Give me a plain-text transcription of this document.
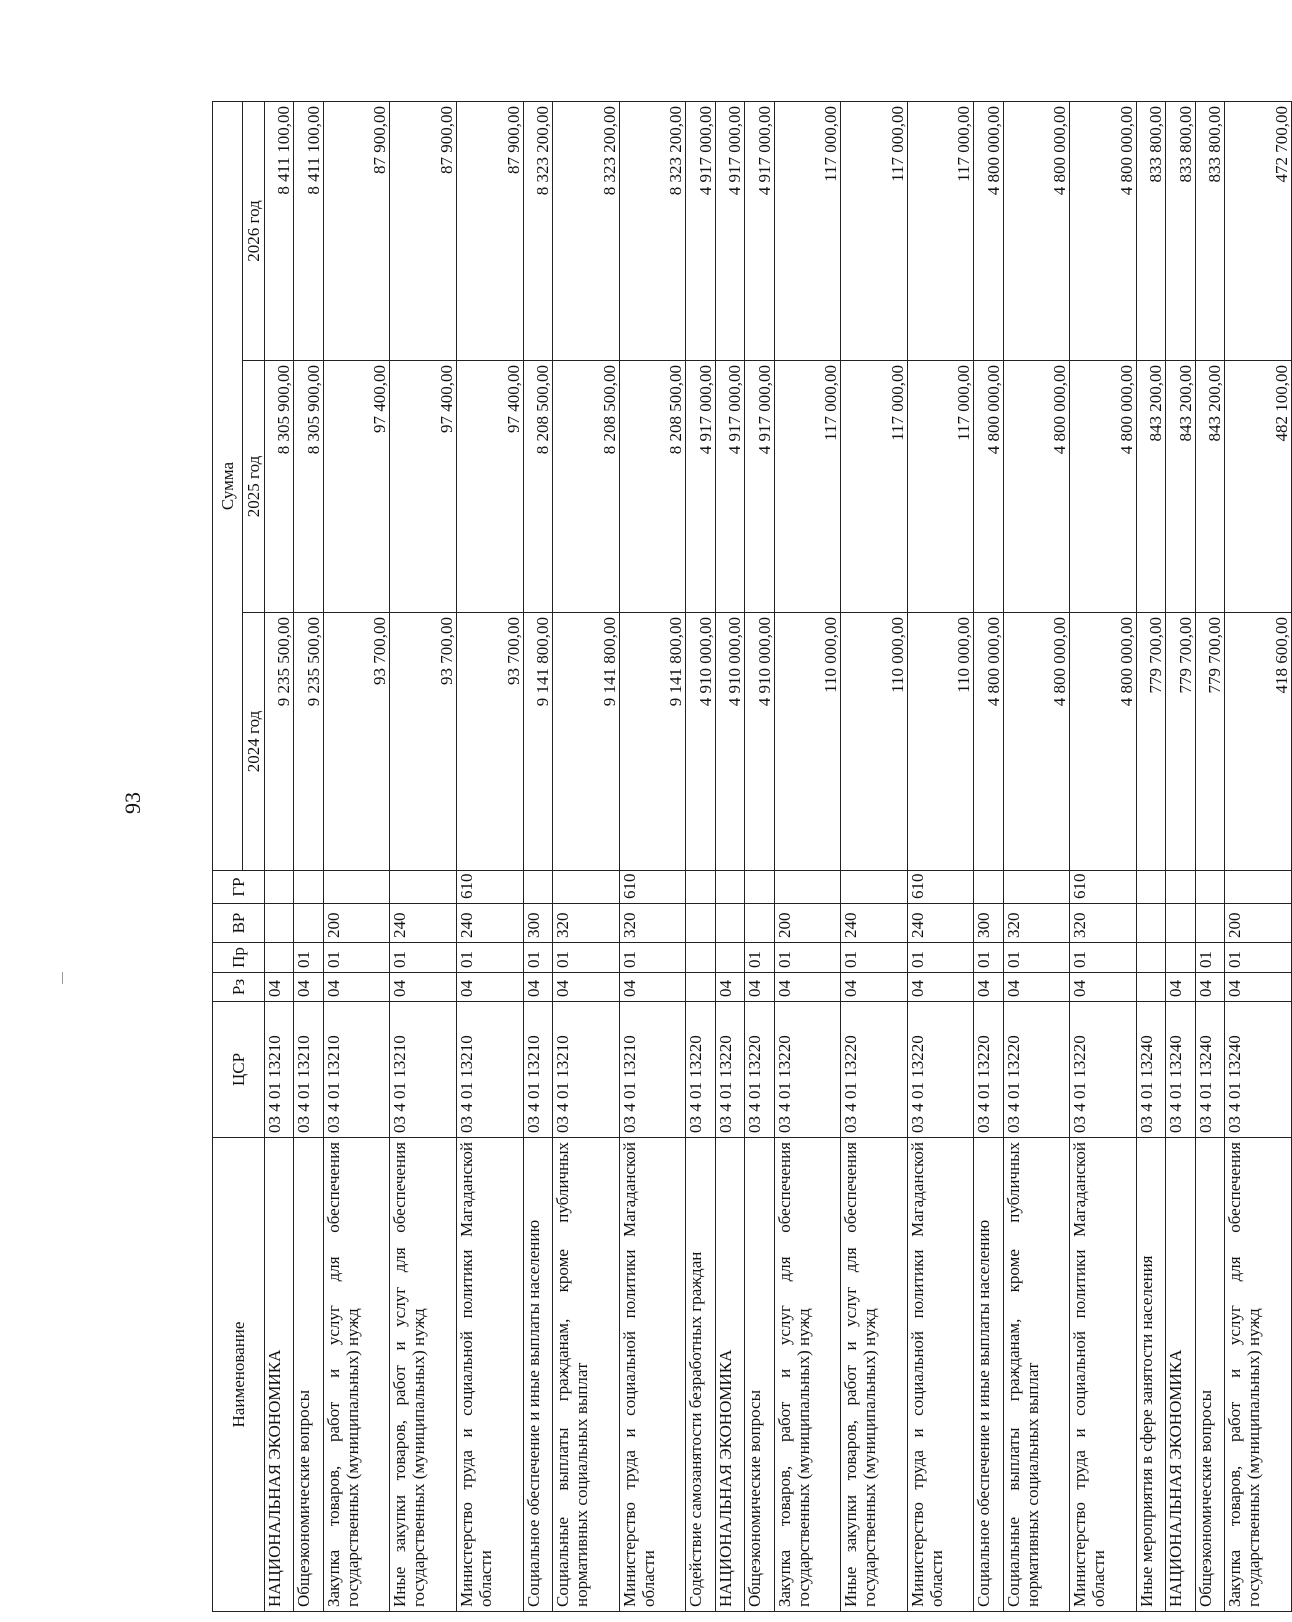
93
Наименование	ЦСР	Рз	Пр	ВР	ГР	Сумма		
						2024 год	2025 год	2026 год
НАЦИОНАЛЬНАЯ ЭКОНОМИКА	03 4 01 13210	04				9 235 500,00	8 305 900,00	8 411 100,00
Общеэкономические вопросы	03 4 01 13210	04	01			9 235 500,00	8 305 900,00	8 411 100,00
Закупка товаров, работ и услуг для обеспечения государственных (муниципальных) нужд	03 4 01 13210	04	01	200		93 700,00	97 400,00	87 900,00
Иные закупки товаров, работ и услуг для обеспечения государственных (муниципальных) нужд	03 4 01 13210	04	01	240		93 700,00	97 400,00	87 900,00
Министерство труда и социальной политики Магаданской области	03 4 01 13210	04	01	240	610	93 700,00	97 400,00	87 900,00
Социальное обеспечение и иные выплаты населению	03 4 01 13210	04	01	300		9 141 800,00	8 208 500,00	8 323 200,00
Социальные выплаты гражданам, кроме публичных нормативных социальных выплат	03 4 01 13210	04	01	320		9 141 800,00	8 208 500,00	8 323 200,00
Министерство труда и социальной политики Магаданской области	03 4 01 13210	04	01	320	610	9 141 800,00	8 208 500,00	8 323 200,00
Содействие самозанятости безработных граждан	03 4 01 13220					4 910 000,00	4 917 000,00	4 917 000,00
НАЦИОНАЛЬНАЯ ЭКОНОМИКА	03 4 01 13220	04				4 910 000,00	4 917 000,00	4 917 000,00
Общеэкономические вопросы	03 4 01 13220	04	01			4 910 000,00	4 917 000,00	4 917 000,00
Закупка товаров, работ и услуг для обеспечения государственных (муниципальных) нужд	03 4 01 13220	04	01	200		110 000,00	117 000,00	117 000,00
Иные закупки товаров, работ и услуг для обеспечения государственных (муниципальных) нужд	03 4 01 13220	04	01	240		110 000,00	117 000,00	117 000,00
Министерство труда и социальной политики Магаданской области	03 4 01 13220	04	01	240	610	110 000,00	117 000,00	117 000,00
Социальное обеспечение и иные выплаты населению	03 4 01 13220	04	01	300		4 800 000,00	4 800 000,00	4 800 000,00
Социальные выплаты гражданам, кроме публичных нормативных социальных выплат	03 4 01 13220	04	01	320		4 800 000,00	4 800 000,00	4 800 000,00
Министерство труда и социальной политики Магаданской области	03 4 01 13220	04	01	320	610	4 800 000,00	4 800 000,00	4 800 000,00
Иные мероприятия в сфере занятости населения	03 4 01 13240					779 700,00	843 200,00	833 800,00
НАЦИОНАЛЬНАЯ ЭКОНОМИКА	03 4 01 13240	04				779 700,00	843 200,00	833 800,00
Общеэкономические вопросы	03 4 01 13240	04	01			779 700,00	843 200,00	833 800,00
Закупка товаров, работ и услуг для обеспечения государственных (муниципальных) нужд	03 4 01 13240	04	01	200		418 600,00	482 100,00	472 700,00
